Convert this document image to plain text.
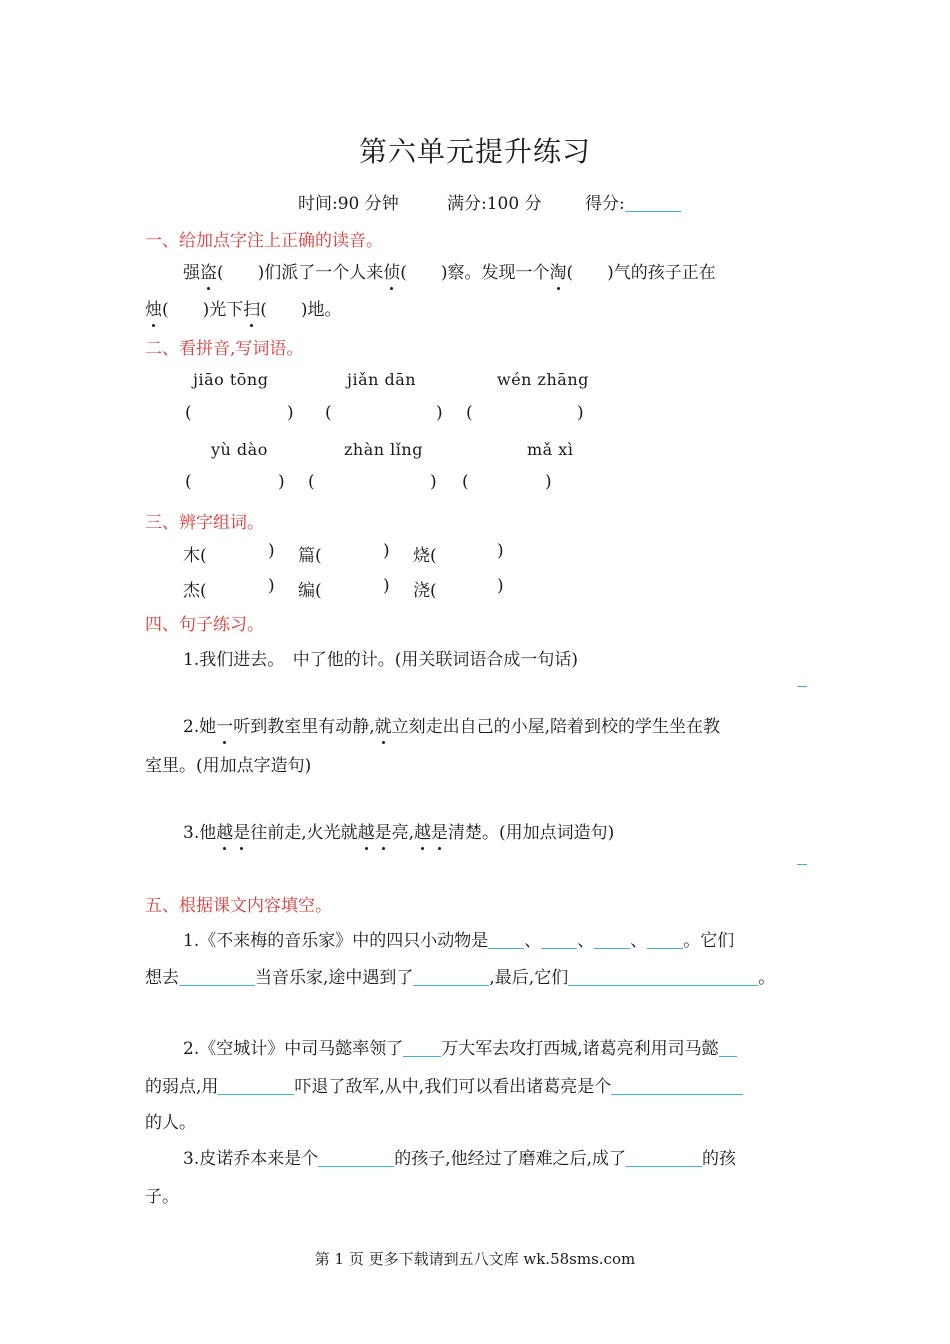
第六单元提升练习
时间:90 分钟	满分:100 分	得分:
一、给加点字注上正确的读音。
强盗(　　)们派了一个人来侦(　　)察。发现一个淘(　　)气的孩子正在
烛(　　)光下扫(　　)地。
二、看拼音,写词语。
jiāo tōng	jiǎn dān	wén zhāng
(	) (	) (	)
yù dào	zhàn lǐng	mǎ xì
(	) (	) (	)
三、辨字组词。
木(	) 篇(	) 烧(	)
杰(	) 编(	) 浇(	)
四、句子练习。
1.我们进去。　中了他的计。(用关联词语合成一句话)
2.她一听到教室里有动静,就立刻走出自己的小屋,陪着到校的学生坐在教
室里。(用加点字造句)
3.他越是往前走,火光就越是亮,越是清楚。(用加点词造句)
五、根据课文内容填空。
1.《不来梅的音乐家》中的四只小动物是 、 、 、 。它们
想去	当音乐家,途中遇到了	,最后,它们	。
2.《空城计》中司马懿率领了 万大军去攻打西城,诸葛亮利用司马懿
的弱点,用	吓退了敌军,从中,我们可以看出诸葛亮是个
的人。
3.皮诺乔本来是个	的孩子,他经过了磨难之后,成了	的孩
子。
第 1 页 更多下载请到五八文库 wk.58sms.com
